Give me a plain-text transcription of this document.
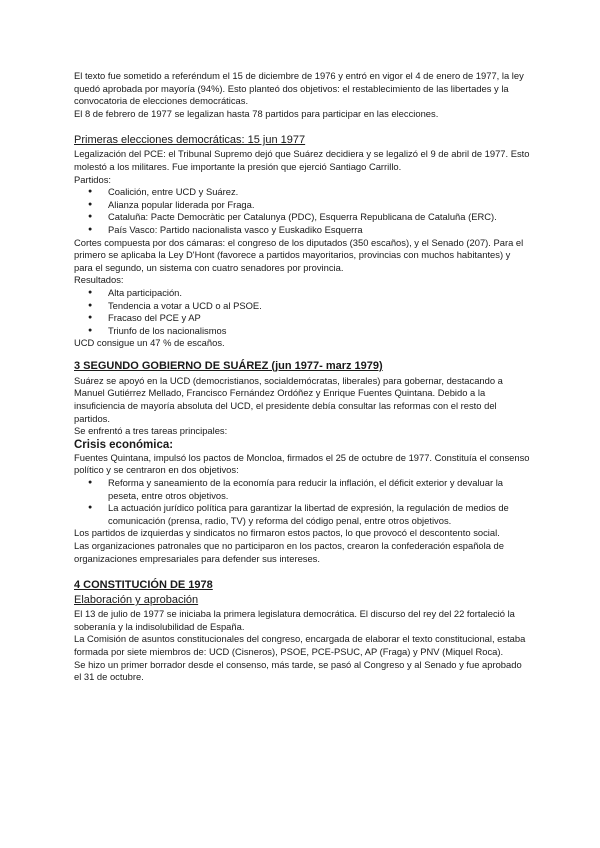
El texto fue sometido a referéndum el 15 de diciembre de 1976 y entró en vigor el 4 de enero de 1977, la ley quedó aprobada por mayoría (94%). Esto planteó dos objetivos: el restablecimiento de las libertades y la convocatoria de elecciones democráticas.

El 8 de febrero de 1977 se legalizan hasta 78 partidos para participar en las elecciones.

Primeras elecciones democráticas: 15 jun 1977

Legalización del PCE: el Tribunal Supremo dejó que Suárez decidiera y se legalizó el 9 de abril de 1977. Esto molestó a los militares. Fue importante la presión que ejerció Santiago Carrillo.

Partidos:

● Coalición, entre UCD y Suárez.
● Alianza popular liderada por Fraga.
● Cataluña: Pacte Democràtic per Catalunya (PDC), Esquerra Republicana de Cataluña (ERC).
● País Vasco: Partido nacionalista vasco y Euskadiko Esquerra

Cortes compuesta por dos cámaras: el congreso de los diputados (350 escaños), y el Senado (207). Para el primero se aplicaba la Ley D'Hont (favorece a partidos mayoritarios, provincias con muchos habitantes) y para el segundo, un sistema con cuatro senadores por provincia.

Resultados:

● Alta participación.
● Tendencia a votar a UCD o al PSOE.
● Fracaso del PCE y AP
● Triunfo de los nacionalismos

UCD consigue un 47 % de escaños.

3 SEGUNDO GOBIERNO DE SUÁREZ (jun 1977- marz 1979)

Suárez se apoyó en la UCD (democristianos, socialdemócratas, liberales) para gobernar, destacando a Manuel Gutiérrez Mellado, Francisco Fernández Ordóñez y Enrique Fuentes Quintana. Debido a la insuficiencia de mayoría absoluta del UCD, el presidente debía consultar las reformas con el resto del partidos.

Se enfrentó a tres tareas principales:

Crisis económica:

Fuentes Quintana, impulsó los pactos de Moncloa, firmados el 25 de octubre de 1977. Constituía el consenso político y se centraron en dos objetivos:

● Reforma y saneamiento de la economía para reducir la inflación, el déficit exterior y devaluar la peseta, entre otros objetivos.
● La actuación jurídico política para garantizar la libertad de expresión, la regulación de medios de comunicación (prensa, radio, TV) y reforma del código penal, entre otros objetivos.

Los partidos de izquierdas y sindicatos no firmaron estos pactos, lo que provocó el descontento social.

Las organizaciones patronales que no participaron en los pactos, crearon la confederación española de organizaciones empresariales para defender sus intereses.

4 CONSTITUCIÓN DE 1978

Elaboración y aprobación

El 13 de julio de 1977 se iniciaba la primera legislatura democrática. El discurso del rey del 22 fortaleció la soberanía y la indisolubilidad de España.

La Comisión de asuntos constitucionales del congreso, encargada de elaborar el texto constitucional, estaba formada por siete miembros de: UCD (Cisneros), PSOE, PCE-PSUC, AP (Fraga) y PNV (Miquel Roca).

Se hizo un primer borrador desde el consenso, más tarde, se pasó al Congreso y al Senado y fue aprobado el 31 de octubre.
